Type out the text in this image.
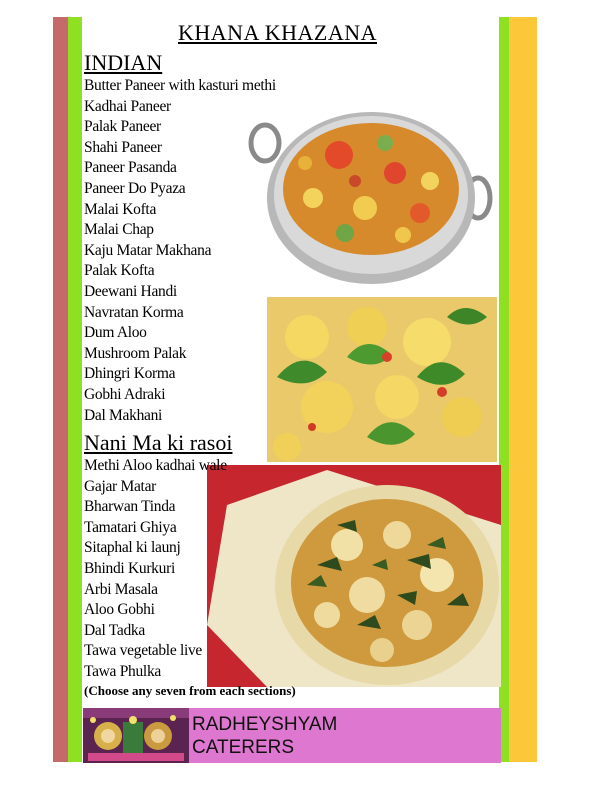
KHANA KHAZANA
INDIAN
Butter Paneer with kasturi methi
Kadhai Paneer
Palak Paneer
Shahi Paneer
Paneer Pasanda
Paneer Do Pyaza
Malai Kofta
Malai Chap
Kaju Matar Makhana
Palak Kofta
Deewani Handi
Navratan Korma
Dum Aloo
Mushroom Palak
Dhingri Korma
Gobhi Adraki
Dal Makhani
Nani Ma ki rasoi
Methi Aloo kadhai wale
Gajar Matar
Bharwan Tinda
Tamatari Ghiya
Sitaphal ki launj
Bhindi Kurkuri
Arbi Masala
Aloo Gobhi
Dal Tadka
Tawa vegetable live
Tawa Phulka
(Choose any seven from each sections)
RADHEYSHYAM
CATERERS
